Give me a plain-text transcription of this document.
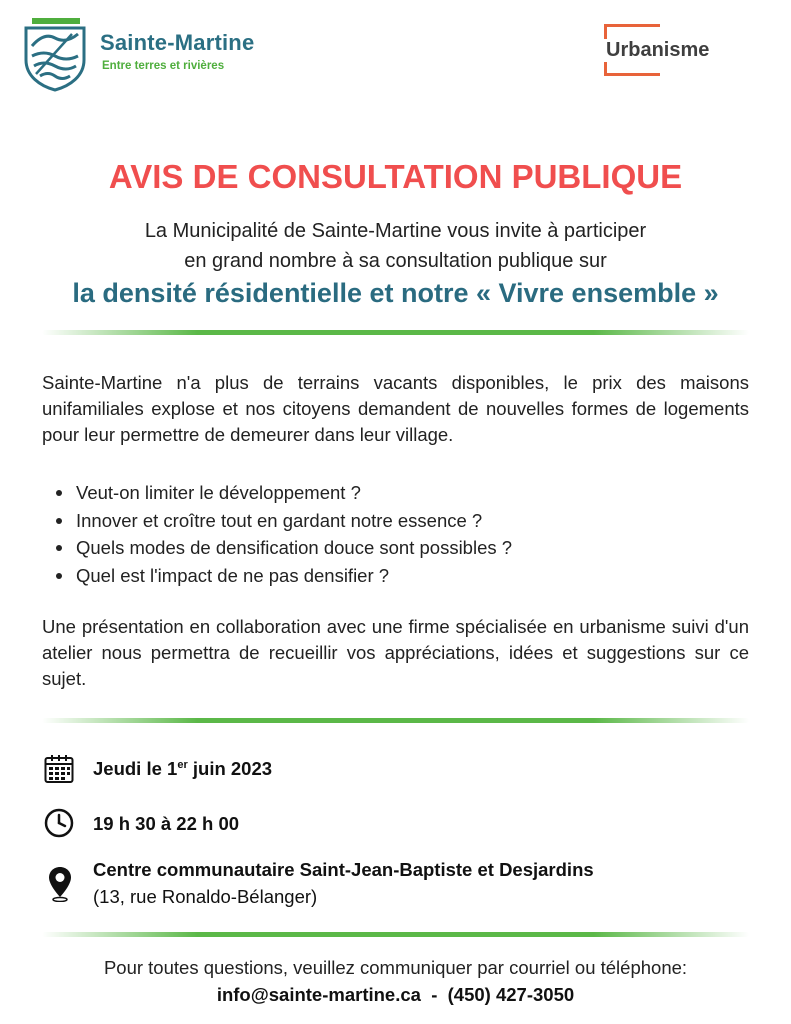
Sainte-Martine
Entre terres et rivières
Urbanisme
AVIS DE CONSULTATION PUBLIQUE
La Municipalité de Sainte-Martine vous invite à participer
en grand nombre à sa consultation publique sur
la densité résidentielle et notre « Vivre ensemble »
Sainte-Martine n'a plus de terrains vacants disponibles, le prix des maisons unifamiliales explose et nos citoyens demandent de nouvelles formes de logements pour leur permettre de demeurer dans leur village.
Veut-on limiter le développement ?
Innover et croître tout en gardant notre essence ?
Quels modes de densification douce sont possibles ?
Quel est l'impact de ne pas densifier ?
Une présentation en collaboration avec une firme spécialisée en urbanisme suivi d'un atelier nous permettra de recueillir vos appréciations, idées et suggestions sur ce sujet.
Jeudi le 1er juin 2023
19 h 30 à 22 h 00
Centre communautaire Saint-Jean-Baptiste et Desjardins
(13, rue Ronaldo-Bélanger)
Pour toutes questions, veuillez communiquer par courriel ou téléphone:
info@sainte-martine.ca  -  (450) 427-3050
